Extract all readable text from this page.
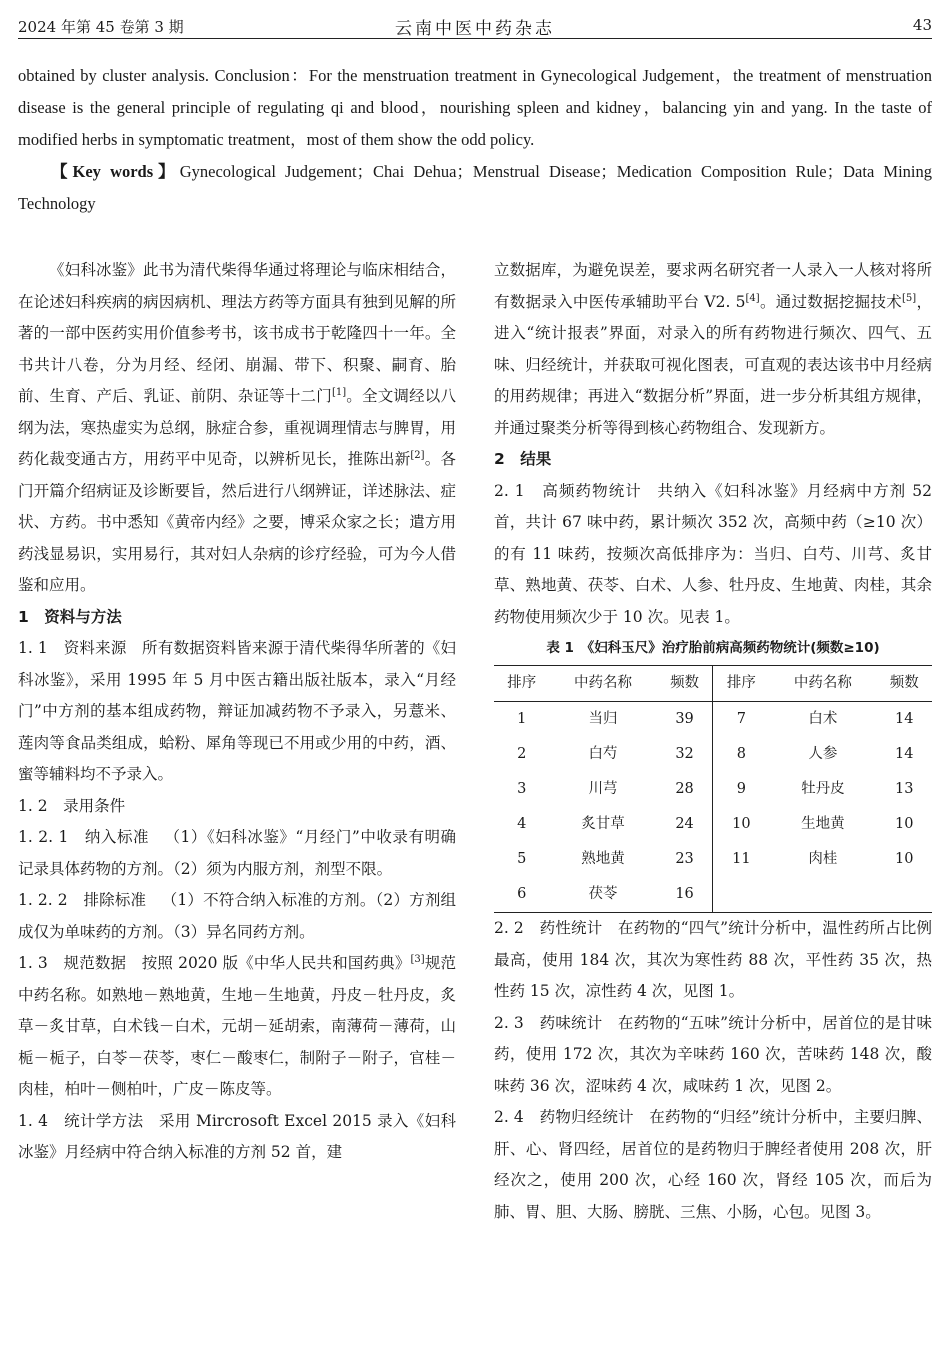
2024 年第 45 卷第 3 期	云南中医中药杂志	43

obtained by cluster analysis. Conclusion：For the menstruation treatment in Gynecological Judgement，the treatment of menstruation disease is the general principle of regulating qi and blood，nourishing spleen and kidney，balancing yin and yang. In the taste of modified herbs in symptomatic treatment，most of them show the odd policy.

【Key words】Gynecological Judgement；Chai Dehua；Menstrual Disease；Medication Composition Rule；Data Mining Technology

《妇科冰鉴》此书为清代柴得华通过将理论与临床相结合，在论述妇科疾病的病因病机、理法方药等方面具有独到见解的所著的一部中医药实用价值参考书，该书成书于乾隆四十一年。全书共计八卷，分为月经、经闭、崩漏、带下、积聚、嗣育、胎前、生育、产后、乳证、前阴、杂证等十二门[1]。全文调经以八纲为法，寒热虚实为总纲，脉症合参，重视调理情志与脾胃，用药化裁变通古方，用药平中见奇，以辨析见长，推陈出新[2]。各门开篇介绍病证及诊断要旨，然后进行八纲辨证，详述脉法、症状、方药。书中悉知《黄帝内经》之要，博采众家之长；遣方用药浅显易识，实用易行，其对妇人杂病的诊疗经验，可为今人借鉴和应用。

1　资料与方法

1. 1　资料来源 所有数据资料皆来源于清代柴得华所著的《妇科冰鉴》，采用 1995 年 5 月中医古籍出版社版本，录入“月经门”中方剂的基本组成药物，辩证加减药物不予录入，另薏米、莲肉等食品类组成，蛤粉、犀角等现已不用或少用的中药，酒、蜜等辅料均不予录入。

1. 2　录用条件

1. 2. 1　纳入标准 （1）《妇科冰鉴》“月经门”中收录有明确记录具体药物的方剂。（2）须为内服方剂，剂型不限。

1. 2. 2　排除标准 （1）不符合纳入标准的方剂。（2）方剂组成仅为单味药的方剂。（3）异名同药方剂。

1. 3　规范数据 按照 2020 版《中华人民共和国药典》[3]规范中药名称。如熟地－熟地黄，生地－生地黄，丹皮－牡丹皮，炙草－炙甘草，白术钱－白术，元胡－延胡索，南薄荷－薄荷，山栀－栀子，白苓－茯苓，枣仁－酸枣仁，制附子－附子，官桂－肉桂，柏叶－侧柏叶，广皮－陈皮等。

1. 4　统计学方法 采用 Mircrosoft Excel 2015 录入《妇科冰鉴》月经病中符合纳入标准的方剂 52 首，建

立数据库，为避免误差，要求两名研究者一人录入一人核对将所有数据录入中医传承辅助平台 V2. 5[4]。通过数据挖掘技术[5]，进入“统计报表”界面，对录入的所有药物进行频次、四气、五味、归经统计，并获取可视化图表，可直观的表达该书中月经病的用药规律；再进入“数据分析”界面，进一步分析其组方规律，并通过聚类分析等得到核心药物组合、发现新方。

2　结果

2. 1　高频药物统计 共纳入《妇科冰鉴》月经病中方剂 52 首，共计 67 味中药，累计频次 352 次，高频中药（≥10 次）的有 11 味药，按频次高低排序为：当归、白芍、川芎、炙甘草、熟地黄、茯苓、白术、人参、牡丹皮、生地黄、肉桂，其余药物使用频次少于 10 次。见表 1。

表 1　《妇科玉尺》治疗胎前病高频药物统计(频数≥10)
排序	中药名称	频数	排序	中药名称	频数
1	当归	39	7	白术	14
2	白芍	32	8	人参	14
3	川芎	28	9	牡丹皮	13
4	炙甘草	24	10	生地黄	10
5	熟地黄	23	11	肉桂	10
6	茯苓	16			

2. 2　药性统计 在药物的“四气”统计分析中，温性药所占比例最高，使用 184 次，其次为寒性药 88 次，平性药 35 次，热性药 15 次，凉性药 4 次，见图 1。

2. 3　药味统计 在药物的“五味”统计分析中，居首位的是甘味药，使用 172 次，其次为辛味药 160 次，苦味药 148 次，酸味药 36 次，涩味药 4 次，咸味药 1 次，见图 2。

2. 4　药物归经统计 在药物的“归经”统计分析中，主要归脾、肝、心、肾四经，居首位的是药物归于脾经者使用 208 次，肝经次之，使用 200 次，心经 160 次，肾经 105 次，而后为肺、胃、胆、大肠、膀胱、三焦、小肠，心包。见图 3。
